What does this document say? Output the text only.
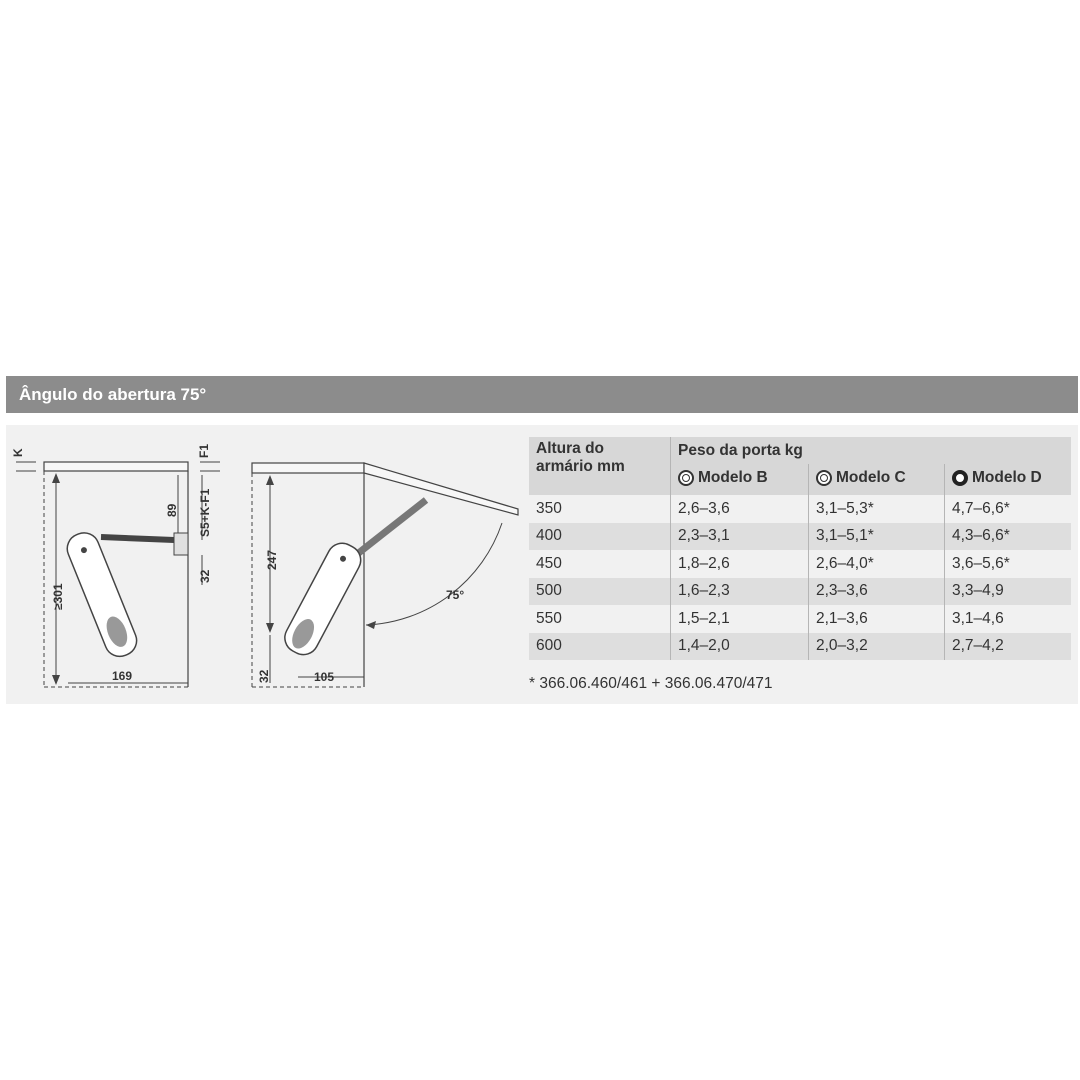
Ângulo do abertura 75°
K	F1
89 S5+K-F1
32
≥301
169
247
32	105
75°
Altura do
armário mm	Peso da porta kg		

	Modelo B	Modelo C	Modelo D

350	2,6–3,6	3,1–5,3*	4,7–6,6*
400	2,3–3,1	3,1–5,1*	4,3–6,6*
450	1,8–2,6	2,6–4,0*	3,6–5,6*
500	1,6–2,3	2,3–3,6	3,3–4,9
550	1,5–2,1	2,1–3,6	3,1–4,6
600	1,4–2,0	2,0–3,2	2,7–4,2
* 366.06.460/461 + 366.06.470/471
